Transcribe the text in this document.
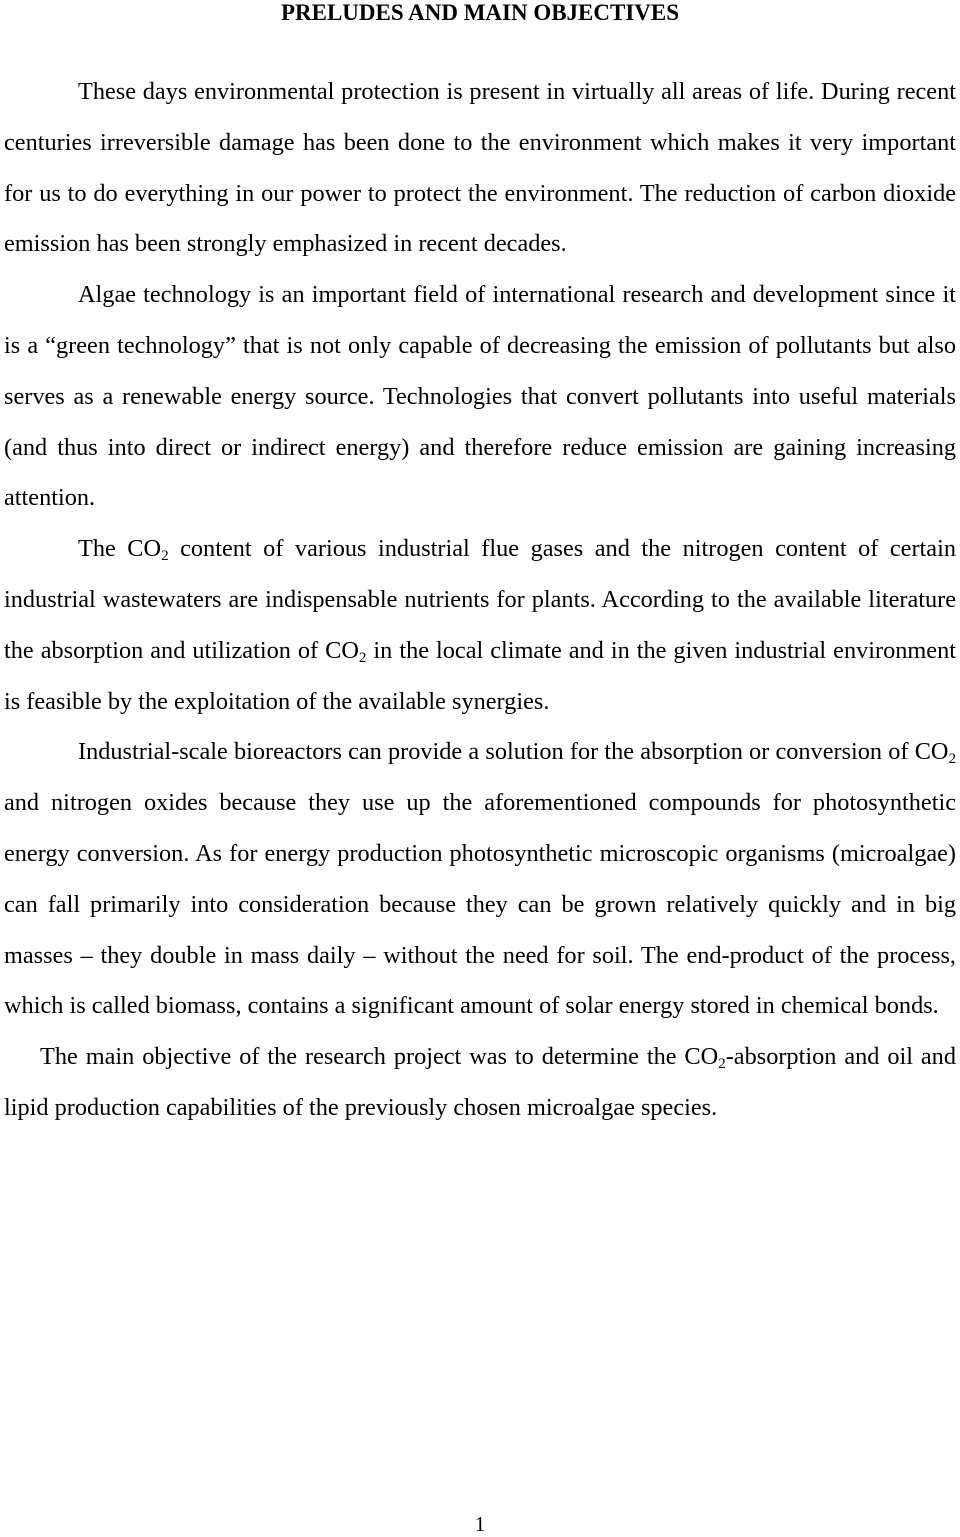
PRELUDES AND MAIN OBJECTIVES

These days environmental protection is present in virtually all areas of life. During recent centuries irreversible damage has been done to the environment which makes it very important for us to do everything in our power to protect the environment. The reduction of carbon dioxide emission has been strongly emphasized in recent decades.

Algae technology is an important field of international research and development since it is a “green technology” that is not only capable of decreasing the emission of pollutants but also serves as a renewable energy source. Technologies that convert pollutants into useful materials (and thus into direct or indirect energy) and therefore reduce emission are gaining increasing attention.

The $CO_2$ content of various industrial flue gases and the nitrogen content of certain industrial wastewaters are indispensable nutrients for plants. According to the available literature the absorption and utilization of $CO_2$ in the local climate and in the given industrial environment is feasible by the exploitation of the available synergies.

Industrial-scale bioreactors can provide a solution for the absorption or conversion of $CO_2$ and nitrogen oxides because they use up the aforementioned compounds for photosynthetic energy conversion. As for energy production photosynthetic microscopic organisms (microalgae) can fall primarily into consideration because they can be grown relatively quickly and in big masses – they double in mass daily – without the need for soil. The end-product of the process, which is called biomass, contains a significant amount of solar energy stored in chemical bonds.

The main objective of the research project was to determine the $CO_2$-absorption and oil and lipid production capabilities of the previously chosen microalgae species.

1
